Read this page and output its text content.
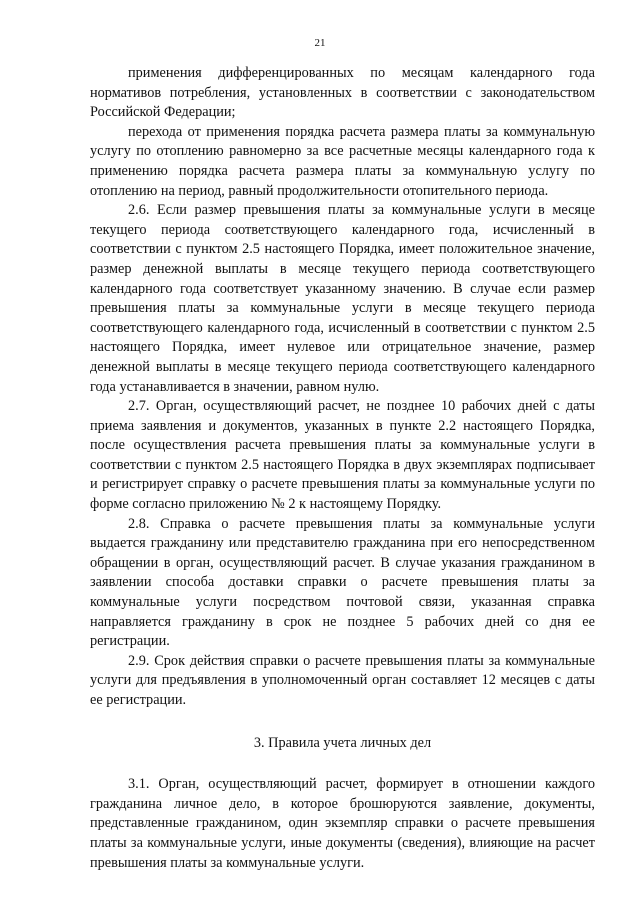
21

применения дифференцированных по месяцам календарного года нормативов потребления, установленных в соответствии с законодательством Российской Федерации;

перехода от применения порядка расчета размера платы за коммунальную услугу по отоплению равномерно за все расчетные месяцы календарного года к применению порядка расчета размера платы за коммунальную услугу по отоплению на период, равный продолжительности отопительного периода.

2.6. Если размер превышения платы за коммунальные услуги в месяце текущего периода соответствующего календарного года, исчисленный в соответствии с пунктом 2.5 настоящего Порядка, имеет положительное значение, размер денежной выплаты в месяце текущего периода соответствующего календарного года соответствует указанному значению. В случае если размер превышения платы за коммунальные услуги в месяце текущего периода соответствующего календарного года, исчисленный в соответствии с пунктом 2.5 настоящего Порядка, имеет нулевое или отрицательное значение, размер денежной выплаты в месяце текущего периода соответствующего календарного года устанавливается в значении, равном нулю.

2.7. Орган, осуществляющий расчет, не позднее 10 рабочих дней с даты приема заявления и документов, указанных в пункте 2.2 настоящего Порядка, после осуществления расчета превышения платы за коммунальные услуги в соответствии с пунктом 2.5 настоящего Порядка в двух экземплярах подписывает и регистрирует справку о расчете превышения платы за коммунальные услуги по форме согласно приложению № 2 к настоящему Порядку.

2.8. Справка о расчете превышения платы за коммунальные услуги выдается гражданину или представителю гражданина при его непосредственном обращении в орган, осуществляющий расчет. В случае указания гражданином в заявлении способа доставки справки о расчете превышения платы за коммунальные услуги посредством почтовой связи, указанная справка направляется гражданину в срок не позднее 5 рабочих дней со дня ее регистрации.

2.9. Срок действия справки о расчете превышения платы за коммунальные услуги для предъявления в уполномоченный орган составляет 12 месяцев с даты ее регистрации.

3. Правила учета личных дел

3.1. Орган, осуществляющий расчет, формирует в отношении каждого гражданина личное дело, в которое брошюруются заявление, документы, представленные гражданином, один экземпляр справки о расчете превышения платы за коммунальные услуги, иные документы (сведения), влияющие на расчет превышения платы за коммунальные услуги.
